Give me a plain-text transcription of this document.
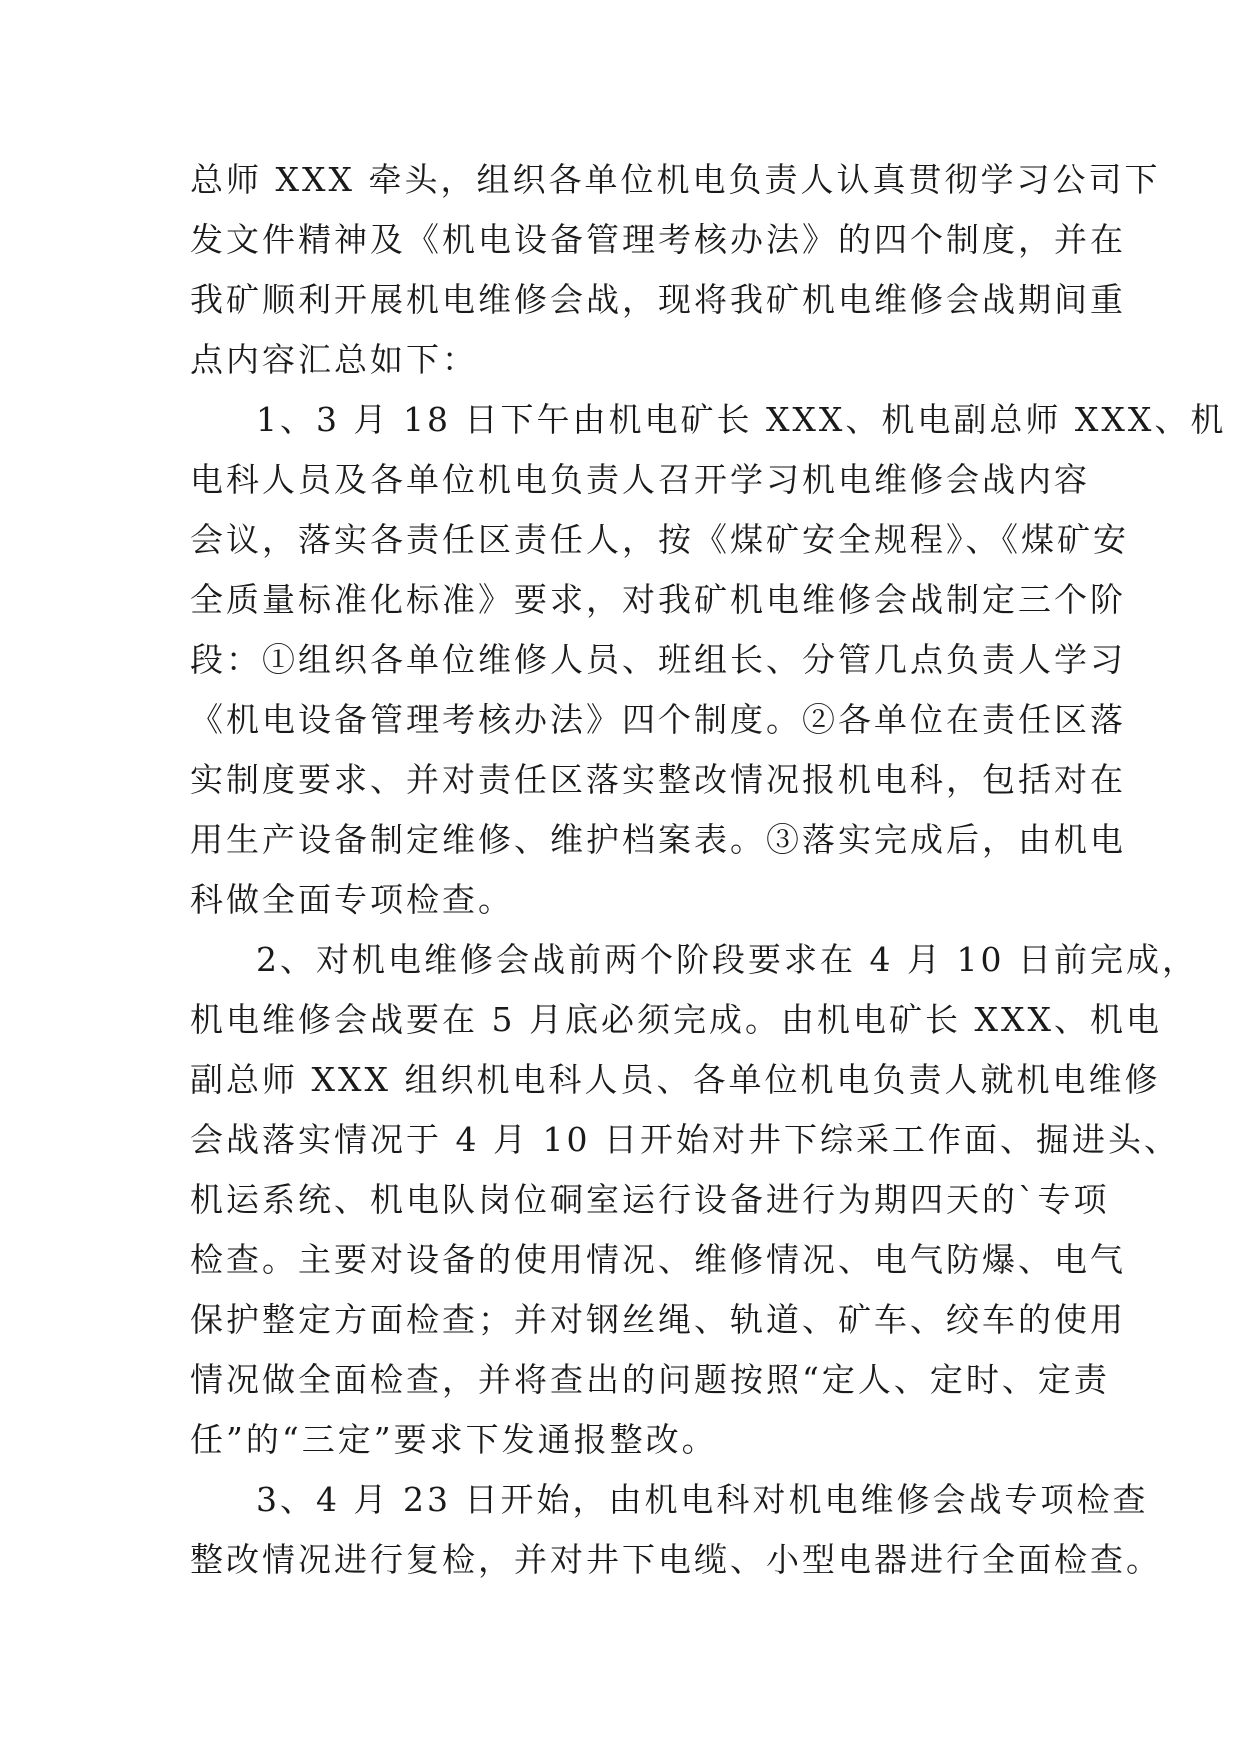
总师 XXX 牵头，组织各单位机电负责人认真贯彻学习公司下
发文件精神及《机电设备管理考核办法》的四个制度，并在
我矿顺利开展机电维修会战，现将我矿机电维修会战期间重
点内容汇总如下：
1、3 月 18 日下午由机电矿长 XXX、机电副总师 XXX、机
电科人员及各单位机电负责人召开学习机电维修会战内容
会议，落实各责任区责任人，按《煤矿安全规程》、《煤矿安
全质量标准化标准》要求，对我矿机电维修会战制定三个阶
段：①组织各单位维修人员、班组长、分管几点负责人学习
《机电设备管理考核办法》四个制度。②各单位在责任区落
实制度要求、并对责任区落实整改情况报机电科，包括对在
用生产设备制定维修、维护档案表。③落实完成后，由机电
科做全面专项检查。
2、对机电维修会战前两个阶段要求在 4 月 10 日前完成，
机电维修会战要在 5 月底必须完成。由机电矿长 XXX、机电
副总师 XXX 组织机电科人员、各单位机电负责人就机电维修
会战落实情况于 4 月 10 日开始对井下综采工作面、掘进头、
机运系统、机电队岗位硐室运行设备进行为期四天的`专项
检查。主要对设备的使用情况、维修情况、电气防爆、电气
保护整定方面检查；并对钢丝绳、轨道、矿车、绞车的使用
情况做全面检查，并将查出的问题按照“定人、定时、定责
任”的“三定”要求下发通报整改。
3、4 月 23 日开始，由机电科对机电维修会战专项检查
整改情况进行复检，并对井下电缆、小型电器进行全面检查。
